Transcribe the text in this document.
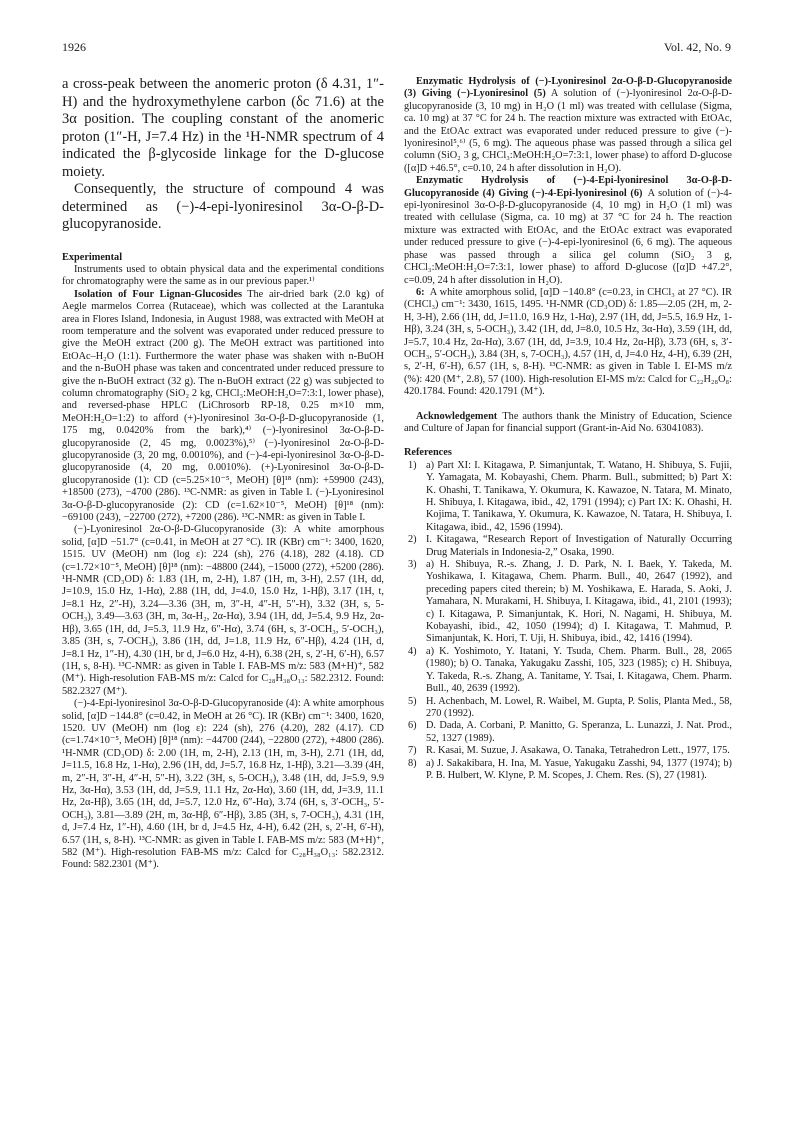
1926	Vol. 42, No. 9

a cross-peak between the anomeric proton (δ 4.31, 1″-H) and the hydroxymethylene carbon (δc 71.6) at the 3α position. The coupling constant of the anomeric proton (1″-H, J=7.4 Hz) in the ¹H-NMR spectrum of 4 indicated the β-glycoside linkage for the D-glucose moiety.

Consequently, the structure of compound 4 was determined as (−)-4-epi-lyoniresinol 3α-O-β-D-glucopyranoside.

Experimental

Instruments used to obtain physical data and the experimental conditions for chromatography were the same as in our previous paper.¹⁾

Isolation of Four Lignan-Glucosides  The air-dried bark (2.0 kg) of Aegle marmelos Correa (Rutaceae), which was collected at the Larantuka area in Flores Island, Indonesia, in August 1988, was extracted with MeOH at room temperature and the solvent was evaporated under reduced pressure to give the MeOH extract (200 g). The MeOH extract was partitioned into EtOAc–H₂O (1:1). Furthermore the water phase was shaken with n-BuOH and the n-BuOH phase was taken and concentrated under reduced pressure to give the n-BuOH extract (32 g). The n-BuOH extract (22 g) was subjected to column chromatography (SiO₂ 2 kg, CHCl₃:MeOH:H₂O=7:3:1, lower phase), and reversed-phase HPLC (LiChrosorb RP-18, 0.25 m×10 mm, MeOH:H₂O=1:2) to afford (+)-lyoniresinol 3α-O-β-D-glucopyranoside (1, 175 mg, 0.0420% from the bark),⁴⁾ (−)-lyoniresinol 3α-O-β-D-glucopyranoside (2, 45 mg, 0.0023%),⁵⁾ (−)-lyoniresinol 2α-O-β-D-glucopyranoside (3, 20 mg, 0.0010%), and (−)-4-epi-lyoniresinol 3α-O-β-D-glucopyranoside (4, 20 mg, 0.0010%). (+)-Lyoniresinol 3α-O-β-D-glucopyranoside (1): CD (c=5.25×10⁻⁵, MeOH) [θ]¹⁸ (nm): +59900 (243), +18500 (273), −4700 (286). ¹³C-NMR: as given in Table I. (−)-Lyoniresinol 3α-O-β-D-glucopyranoside (2): CD (c=1.62×10⁻⁵, MeOH) [θ]¹⁸ (nm): −69100 (243), −22700 (272), +7200 (286). ¹³C-NMR: as given in Table I.

(−)-Lyoniresinol 2α-O-β-D-Glucopyranoside (3): A white amorphous solid, [α]D −51.7° (c=0.41, in MeOH at 27 °C). IR (KBr) cm⁻¹: 3400, 1620, 1515. UV (MeOH) nm (log ε): 224 (sh), 276 (4.18), 282 (4.18). CD (c=1.72×10⁻⁵, MeOH) [θ]¹⁸ (nm): −48800 (244), −15000 (272), +5200 (286). ¹H-NMR (CD₃OD) δ: 1.83 (1H, m, 2-H), 1.87 (1H, m, 3-H), 2.57 (1H, dd, J=10.9, 15.0 Hz, 1-Hα), 2.88 (1H, dd, J=4.0, 15.0 Hz, 1-Hβ), 3.17 (1H, t, J=8.1 Hz, 2″-H), 3.24—3.36 (3H, m, 3″-H, 4″-H, 5″-H), 3.32 (3H, s, 5-OCH₃), 3.49—3.63 (3H, m, 3α-H₂, 2α-Hα), 3.94 (1H, dd, J=5.4, 9.9 Hz, 2α-Hβ), 3.65 (1H, dd, J=5.3, 11.9 Hz, 6″-Hα), 3.74 (6H, s, 3′-OCH₃, 5′-OCH₃), 3.85 (3H, s, 7-OCH₃), 3.86 (1H, dd, J=1.8, 11.9 Hz, 6″-Hβ), 4.24 (1H, d, J=8.1 Hz, 1″-H), 4.30 (1H, br d, J=6.0 Hz, 4-H), 6.38 (2H, s, 2′-H, 6′-H), 6.57 (1H, s, 8-H). ¹³C-NMR: as given in Table I. FAB-MS m/z: 583 (M+H)⁺, 582 (M⁺). High-resolution FAB-MS m/z: Calcd for C₂₈H₃₈O₁₃: 582.2312. Found: 582.2327 (M⁺).

(−)-4-Epi-lyoniresinol 3α-O-β-D-Glucopyranoside (4): A white amorphous solid, [α]D −144.8° (c=0.42, in MeOH at 26 °C). IR (KBr) cm⁻¹: 3400, 1620, 1520. UV (MeOH) nm (log ε): 224 (sh), 276 (4.20), 282 (4.17). CD (c=1.74×10⁻⁵, MeOH) [θ]¹⁸ (nm): −44700 (244), −22800 (272), +4800 (286). ¹H-NMR (CD₃OD) δ: 2.00 (1H, m, 2-H), 2.13 (1H, m, 3-H), 2.71 (1H, dd, J=11.5, 16.8 Hz, 1-Hα), 2.96 (1H, dd, J=5.7, 16.8 Hz, 1-Hβ), 3.21—3.39 (4H, m, 2″-H, 3″-H, 4″-H, 5″-H), 3.22 (3H, s, 5-OCH₃), 3.48 (1H, dd, J=5.9, 9.9 Hz, 3α-Hα), 3.53 (1H, dd, J=5.9, 11.1 Hz, 2α-Hα), 3.60 (1H, dd, J=3.9, 11.1 Hz, 2α-Hβ), 3.65 (1H, dd, J=5.7, 12.0 Hz, 6″-Hα), 3.74 (6H, s, 3′-OCH₃, 5′-OCH₃), 3.81—3.89 (2H, m, 3α-Hβ, 6″-Hβ), 3.85 (3H, s, 7-OCH₃), 4.31 (1H, d, J=7.4 Hz, 1″-H), 4.60 (1H, br d, J=4.5 Hz, 4-H), 6.42 (2H, s, 2′-H, 6′-H), 6.57 (1H, s, 8-H). ¹³C-NMR: as given in Table I. FAB-MS m/z: 583 (M+H)⁺, 582 (M⁺). High-resolution FAB-MS m/z: Calcd for C₂₈H₃₈O₁₃: 582.2312. Found: 582.2301 (M⁺).

Enzymatic Hydrolysis of (−)-Lyoniresinol 2α-O-β-D-Glucopyranoside (3) Giving (−)-Lyoniresinol (5)  A solution of (−)-lyoniresinol 2α-O-β-D-glucopyranoside (3, 10 mg) in H₂O (1 ml) was treated with cellulase (Sigma, ca. 10 mg) at 37 °C for 24 h. The reaction mixture was extracted with EtOAc, and the EtOAc extract was evaporated under reduced pressure to give (−)-lyoniresinol⁵,⁶⁾ (5, 6 mg). The aqueous phase was passed through a silica gel column (SiO₂ 3 g, CHCl₃:MeOH:H₂O=7:3:1, lower phase) to afford D-glucose ([α]D +46.5°, c=0.10, 24 h after dissolution in H₂O).

Enzymatic Hydrolysis of (−)-4-Epi-lyoniresinol 3α-O-β-D-Glucopyranoside (4) Giving (−)-4-Epi-lyoniresinol (6)  A solution of (−)-4-epi-lyoniresinol 3α-O-β-D-glucopyranoside (4, 10 mg) in H₂O (1 ml) was treated with cellulase (Sigma, ca. 10 mg) at 37 °C for 24 h. The reaction mixture was extracted with EtOAc, and the EtOAc extract was evaporated under reduced pressure to give (−)-4-epi-lyoniresinol (6, 6 mg). The aqueous phase was passed through a silica gel column (SiO₂ 3 g, CHCl₃:MeOH:H₂O=7:3:1, lower phase) to afford D-glucose ([α]D +47.2°, c=0.09, 24 h after dissolution in H₂O).

6:  A white amorphous solid, [α]D −140.8° (c=0.23, in CHCl₃ at 27 °C). IR (CHCl₃) cm⁻¹: 3430, 1615, 1495. ¹H-NMR (CD₃OD) δ: 1.85—2.05 (2H, m, 2-H, 3-H), 2.66 (1H, dd, J=11.0, 16.9 Hz, 1-Hα), 2.97 (1H, dd, J=5.5, 16.9 Hz, 1-Hβ), 3.24 (3H, s, 5-OCH₃), 3.42 (1H, dd, J=8.0, 10.5 Hz, 3α-Hα), 3.59 (1H, dd, J=5.7, 10.4 Hz, 2α-Hα), 3.67 (1H, dd, J=3.9, 10.4 Hz, 2α-Hβ), 3.73 (6H, s, 3′-OCH₃, 5′-OCH₃), 3.84 (3H, s, 7-OCH₃), 4.57 (1H, d, J=4.0 Hz, 4-H), 6.39 (2H, s, 2′-H, 6′-H), 6.57 (1H, s, 8-H). ¹³C-NMR: as given in Table I. EI-MS m/z (%): 420 (M⁺, 2.8), 57 (100). High-resolution EI-MS m/z: Calcd for C₂₂H₂₈O₈: 420.1784. Found: 420.1791 (M⁺).

Acknowledgement  The authors thank the Ministry of Education, Science and Culture of Japan for financial support (Grant-in-Aid No. 63041083).

References

1) a) Part XI: I. Kitagawa, P. Simanjuntak, T. Watano, H. Shibuya, S. Fujii, Y. Yamagata, M. Kobayashi, Chem. Pharm. Bull., submitted; b) Part X: K. Ohashi, T. Tanikawa, Y. Okumura, K. Kawazoe, N. Tatara, M. Minato, H. Shibuya, I. Kitagawa, ibid., 42, 1791 (1994); c) Part IX: K. Ohashi, H. Kojima, T. Tanikawa, Y. Okumura, K. Kawazoe, N. Tatara, H. Shibuya, I. Kitagawa, ibid., 42, 1596 (1994).
2) I. Kitagawa, “Research Report of Investigation of Naturally Occurring Drug Materials in Indonesia-2,” Osaka, 1990.
3) a) H. Shibuya, R.-s. Zhang, J. D. Park, N. I. Baek, Y. Takeda, M. Yoshikawa, I. Kitagawa, Chem. Pharm. Bull., 40, 2647 (1992), and preceding papers cited therein; b) M. Yoshikawa, E. Harada, S. Aoki, J. Yamahara, N. Murakami, H. Shibuya, I. Kitagawa, ibid., 41, 2101 (1993); c) I. Kitagawa, P. Simanjuntak, K. Hori, N. Nagami, H. Shibuya, M. Kobayashi, ibid., 42, 1050 (1994); d) I. Kitagawa, T. Mahmud, P. Simanjuntak, K. Hori, T. Uji, H. Shibuya, ibid., 42, 1416 (1994).
4) a) K. Yoshimoto, Y. Itatani, Y. Tsuda, Chem. Pharm. Bull., 28, 2065 (1980); b) O. Tanaka, Yakugaku Zasshi, 105, 323 (1985); c) H. Shibuya, Y. Takeda, R.-s. Zhang, A. Tanitame, Y. Tsai, I. Kitagawa, Chem. Pharm. Bull., 40, 2639 (1992).
5) H. Achenbach, M. Lowel, R. Waibel, M. Gupta, P. Solis, Planta Med., 58, 270 (1992).
6) D. Dada, A. Corbani, P. Manitto, G. Speranza, L. Lunazzi, J. Nat. Prod., 52, 1327 (1989).
7) R. Kasai, M. Suzue, J. Asakawa, O. Tanaka, Tetrahedron Lett., 1977, 175.
8) a) J. Sakakibara, H. Ina, M. Yasue, Yakugaku Zasshi, 94, 1377 (1974); b) P. B. Hulbert, W. Klyne, P. M. Scopes, J. Chem. Res. (S), 27 (1981).
